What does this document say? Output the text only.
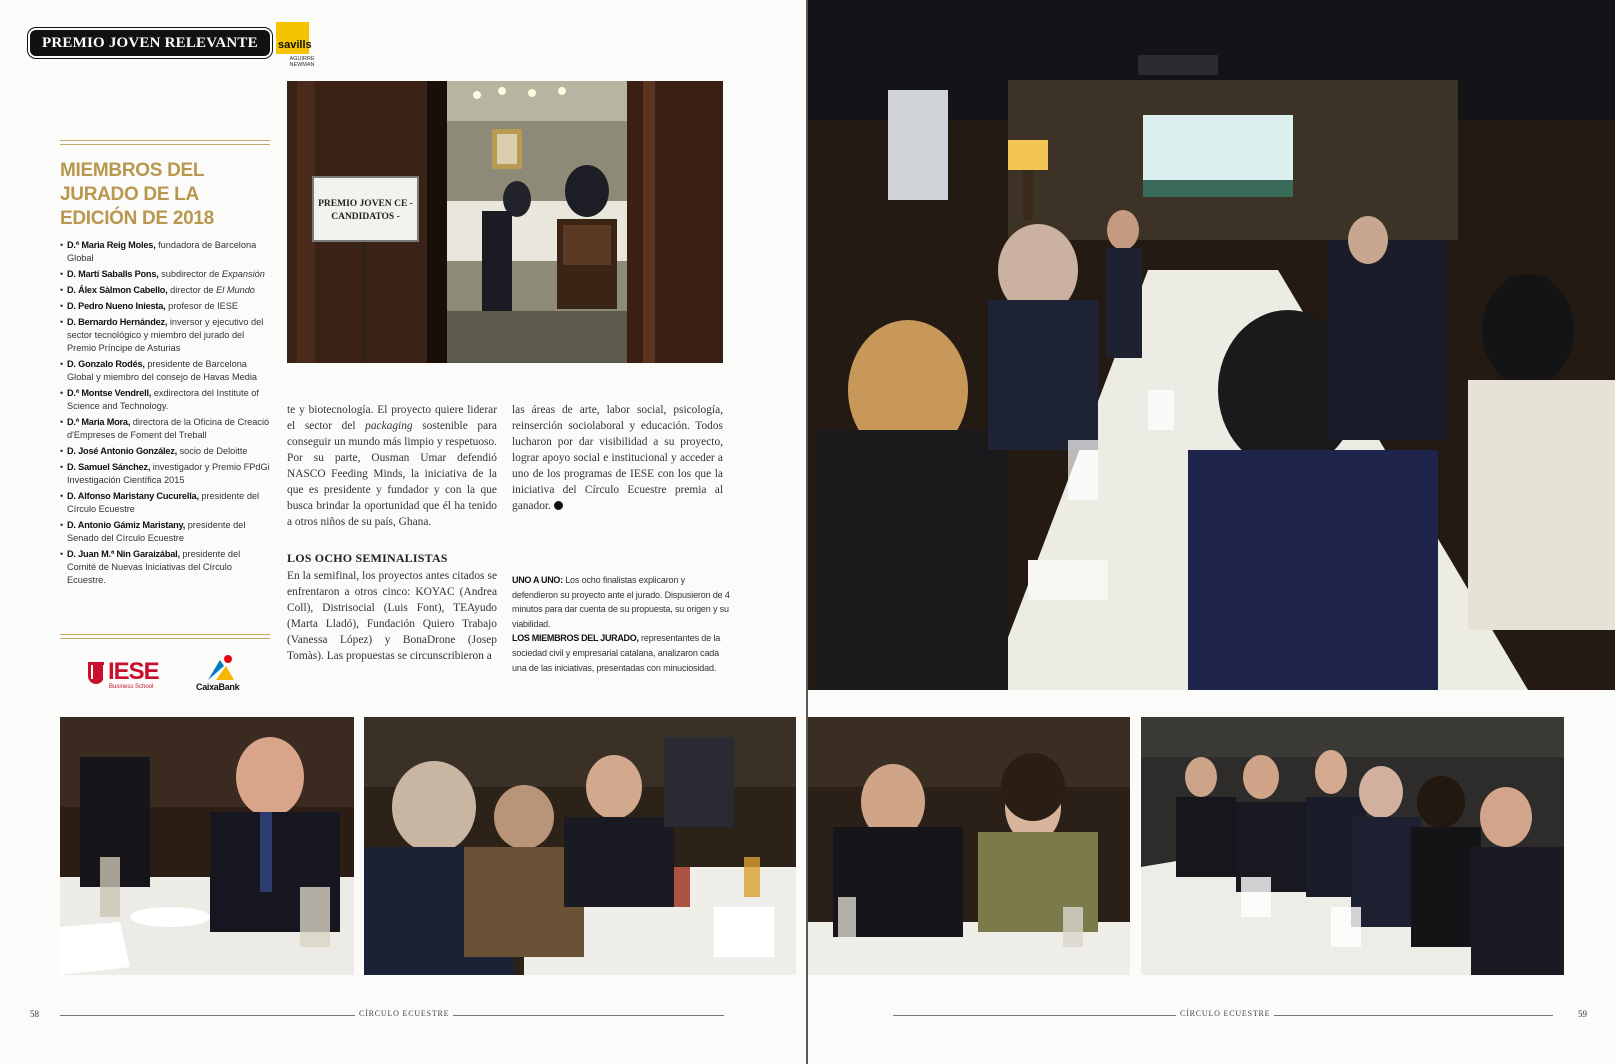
PREMIO JOVEN RELEVANTE	savills
AGUIRRE NEWMAN
PREMIO JOVEN CE - CANDIDATOS -
MIEMBROS DEL JURADO DE LA EDICIÓN DE 2018
• D.ª Maria Reig Moles, fundadora de Barcelona Global
• D. Martí Saballs Pons, subdirector de Expansión
• D. Álex Sàlmon Cabello, director de El Mundo
• D. Pedro Nueno Iniesta, profesor de IESE
• D. Bernardo Hernández, inversor y ejecutivo del sector tecnológico y miembro del jurado del Premio Príncipe de Asturias
• D. Gonzalo Rodés, presidente de Barcelona Global y miembro del consejo de Havas Media
• D.ª Montse Vendrell, exdirectora del Institute of Science and Technology.
• D.ª Maria Mora, directora de la Oficina de Creació d'Empreses de Foment del Treball
• D. José Antonio González, socio de Deloitte
• D. Samuel Sánchez, investigador y Premio FPdGi Investigación Científica 2015
• D. Alfonso Maristany Cucurella, presidente del Círculo Ecuestre
• D. Antonio Gámiz Maristany, presidente del Senado del Círculo Ecuestre
• D. Juan M.ª Nin Garaizábal, presidente del Comité de Nuevas Iniciativas del Círculo Ecuestre.
IESE
Business School	CaixaBank

te y biotecnología. El proyecto quiere liderar el sector del packaging sostenible para conseguir un mundo más limpio y respetuoso. Por su parte, Ousman Umar defendió NASCO Feeding Minds, la iniciativa de la que es presidente y fundador y con la que busca brindar la oportunidad que él ha tenido a otros niños de su país, Ghana.

LOS OCHO SEMINALISTAS

En la semifinal, los proyectos antes citados se enfrentaron a otros cinco: KOYAC (Andrea Coll), Distrisocial (Luis Font), TEAyudo (Marta Lladó), Fundación Quiero Trabajo (Vanessa López) y BonaDrone (Josep Tomàs). Las propuestas se circunscribieron a

las áreas de arte, labor social, psicología, reinserción sociolaboral y educación. Todos lucharon por dar visibilidad a su proyecto, lograr apoyo social e institucional y acceder a uno de los programas de IESE con los que la iniciativa del Círculo Ecuestre premia al ganador.

UNO A UNO: Los ocho finalistas explicaron y defendieron su proyecto ante el jurado. Dispusieron de 4 minutos para dar cuenta de su propuesta, su origen y su viabilidad.

LOS MIEMBROS DEL JURADO, representantes de la sociedad civil y empresarial catalana, analizaron cada una de las iniciativas, presentadas con minuciosidad.

58	CÍRCULO ECUESTRE	CÍRCULO ECUESTRE	59
